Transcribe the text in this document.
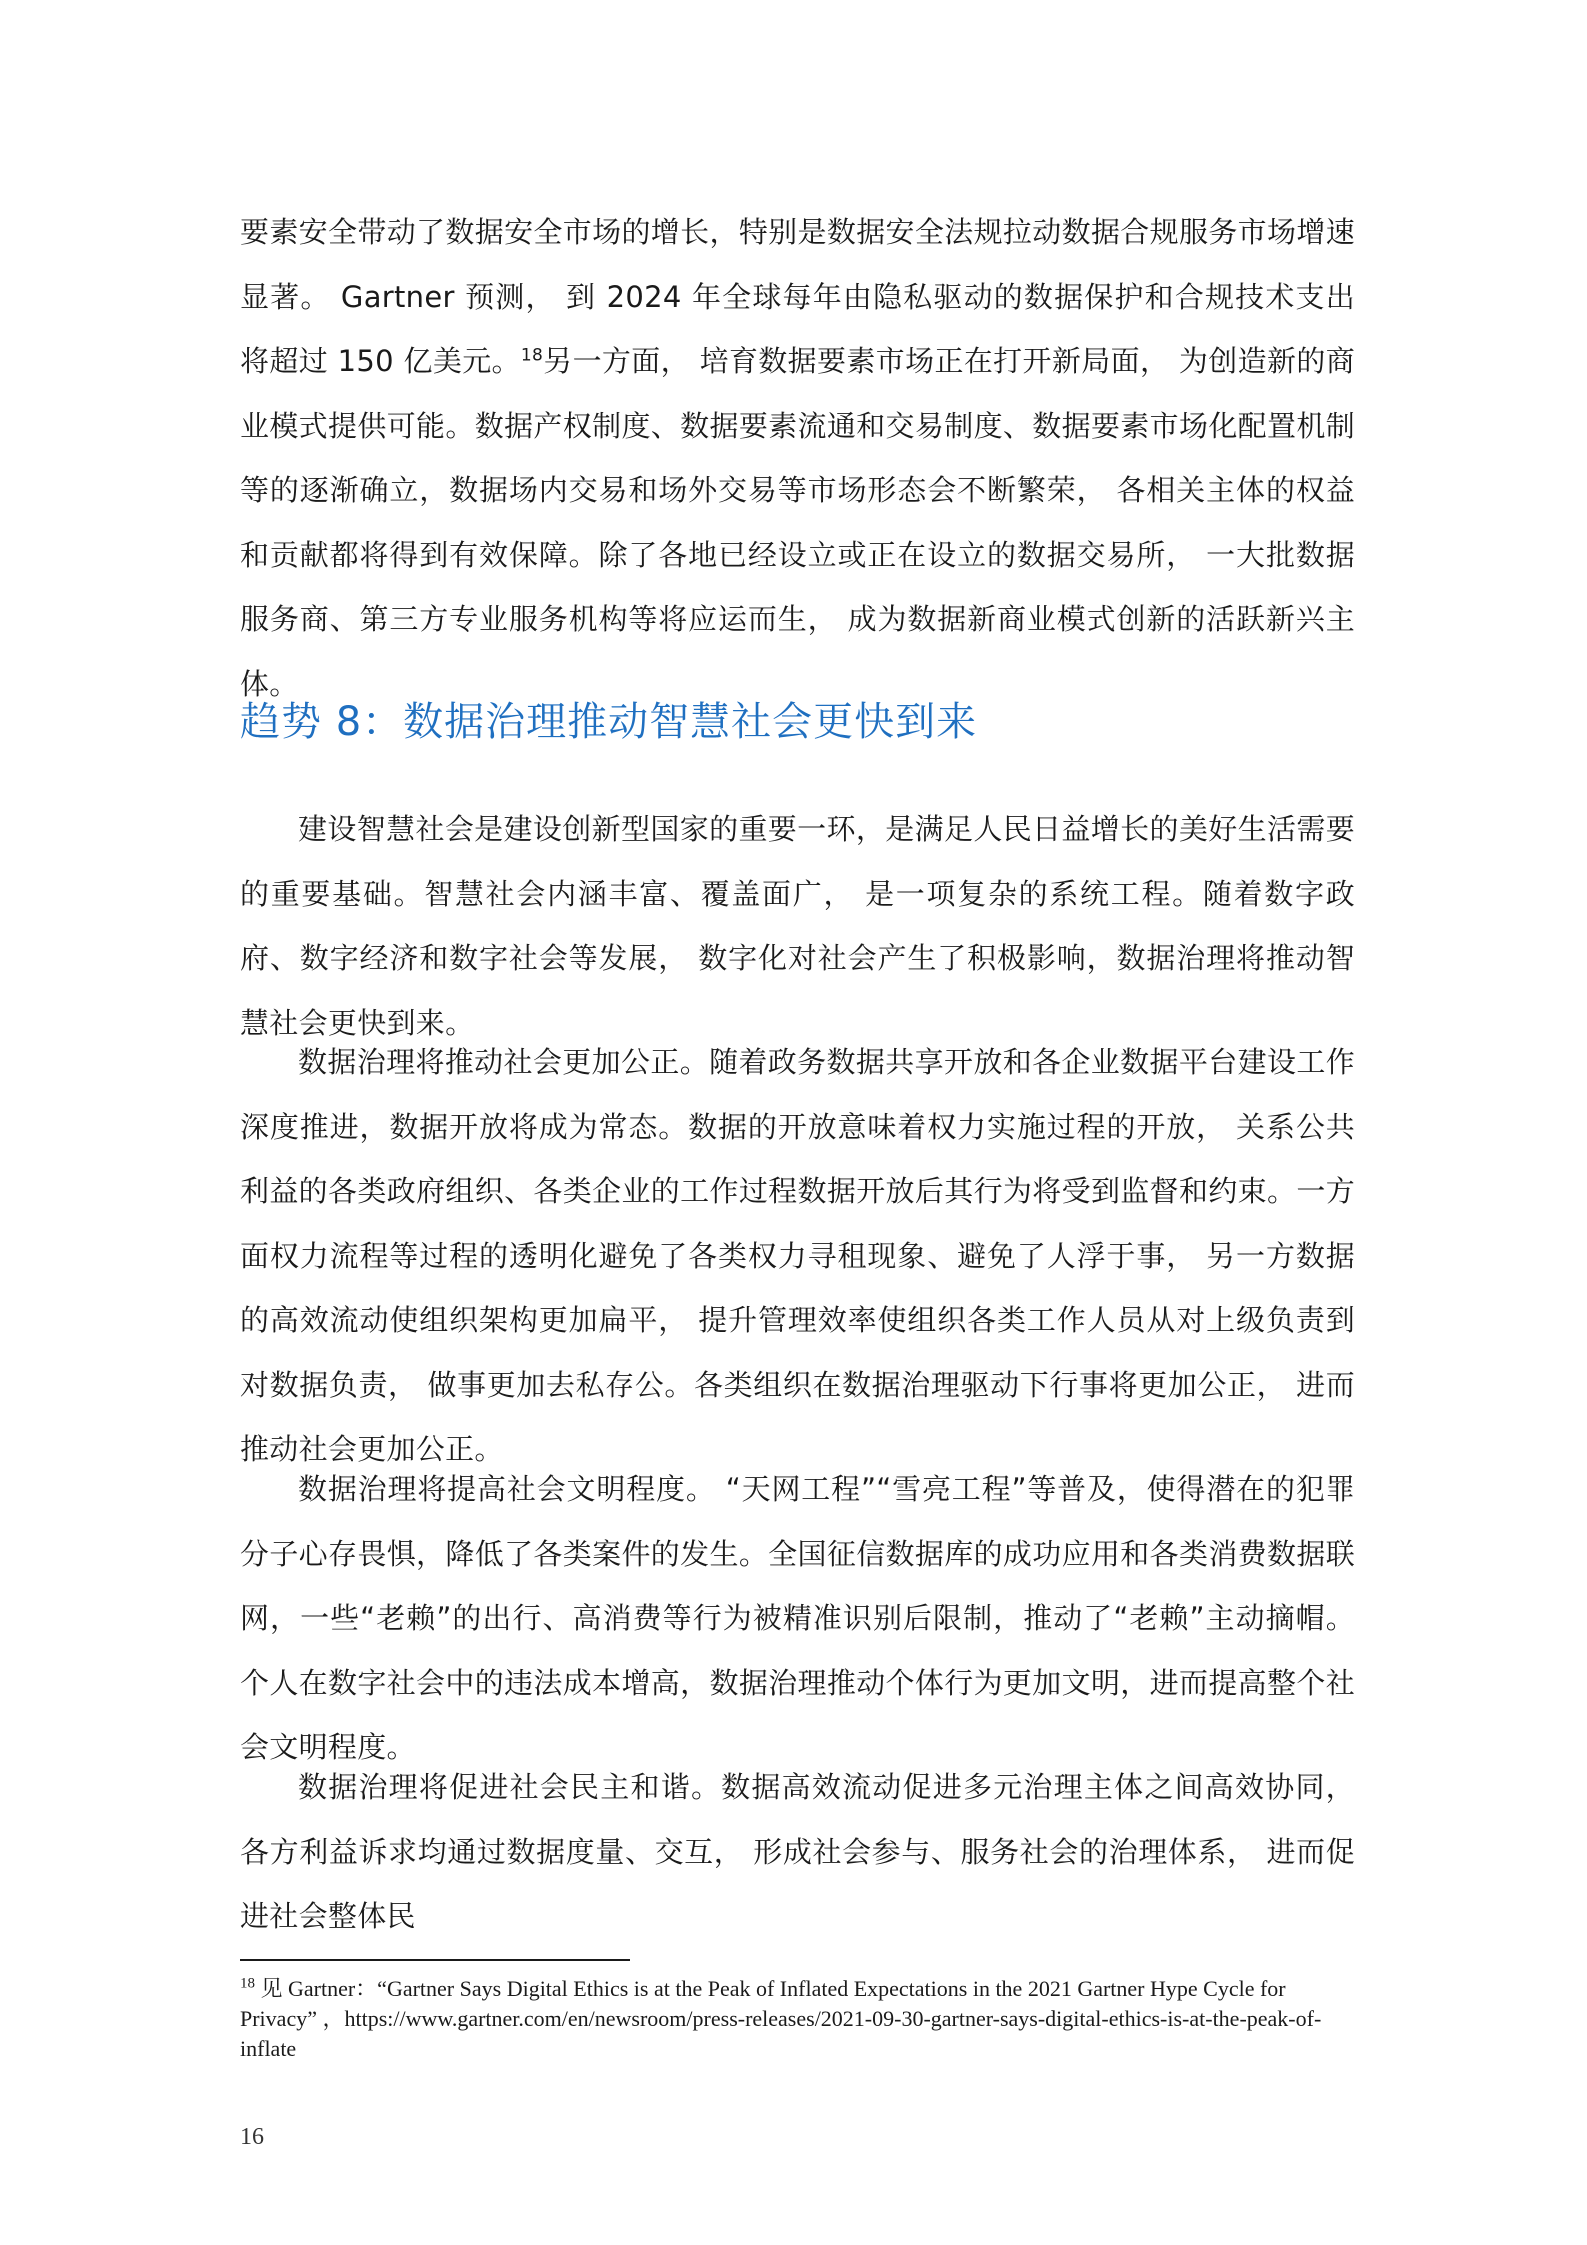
要素安全带动了数据安全市场的增长，特别是数据安全法规拉动数据合规服务市场增速显著。 Gartner 预测， 到 2024 年全球每年由隐私驱动的数据保护和合规技术支出将超过 150 亿美元。$^{18}$另一方面， 培育数据要素市场正在打开新局面， 为创造新的商业模式提供可能。数据产权制度、数据要素流通和交易制度、数据要素市场化配置机制等的逐渐确立，数据场内交易和场外交易等市场形态会不断繁荣， 各相关主体的权益和贡献都将得到有效保障。除了各地已经设立或正在设立的数据交易所， 一大批数据服务商、第三方专业服务机构等将应运而生， 成为数据新商业模式创新的活跃新兴主体。

趋势 8：数据治理推动智慧社会更快到来

建设智慧社会是建设创新型国家的重要一环，是满足人民日益增长的美好生活需要的重要基础。智慧社会内涵丰富、覆盖面广， 是一项复杂的系统工程。随着数字政府、数字经济和数字社会等发展， 数字化对社会产生了积极影响，数据治理将推动智慧社会更快到来。

数据治理将推动社会更加公正。随着政务数据共享开放和各企业数据平台建设工作深度推进，数据开放将成为常态。数据的开放意味着权力实施过程的开放， 关系公共利益的各类政府组织、各类企业的工作过程数据开放后其行为将受到监督和约束。一方面权力流程等过程的透明化避免了各类权力寻租现象、避免了人浮于事， 另一方数据的高效流动使组织架构更加扁平， 提升管理效率使组织各类工作人员从对上级负责到对数据负责， 做事更加去私存公。各类组织在数据治理驱动下行事将更加公正， 进而推动社会更加公正。

数据治理将提高社会文明程度。 “天网工程”“雪亮工程”等普及，使得潜在的犯罪分子心存畏惧，降低了各类案件的发生。全国征信数据库的成功应用和各类消费数据联网，一些“老赖”的出行、高消费等行为被精准识别后限制，推动了“老赖”主动摘帽。个人在数字社会中的违法成本增高，数据治理推动个体行为更加文明，进而提高整个社会文明程度。

数据治理将促进社会民主和谐。数据高效流动促进多元治理主体之间高效协同， 各方利益诉求均通过数据度量、交互， 形成社会参与、服务社会的治理体系， 进而促进社会整体民

$^{18}$ 见 Gartner：“Gartner Says Digital Ethics is at the Peak of Inflated Expectations in the 2021 Gartner Hype Cycle for Privacy” ，https://www.gartner.com/en/newsroom/press-releases/2021-09-30-gartner-says-digital-ethics-is-at-the-peak-of-inflate

16
